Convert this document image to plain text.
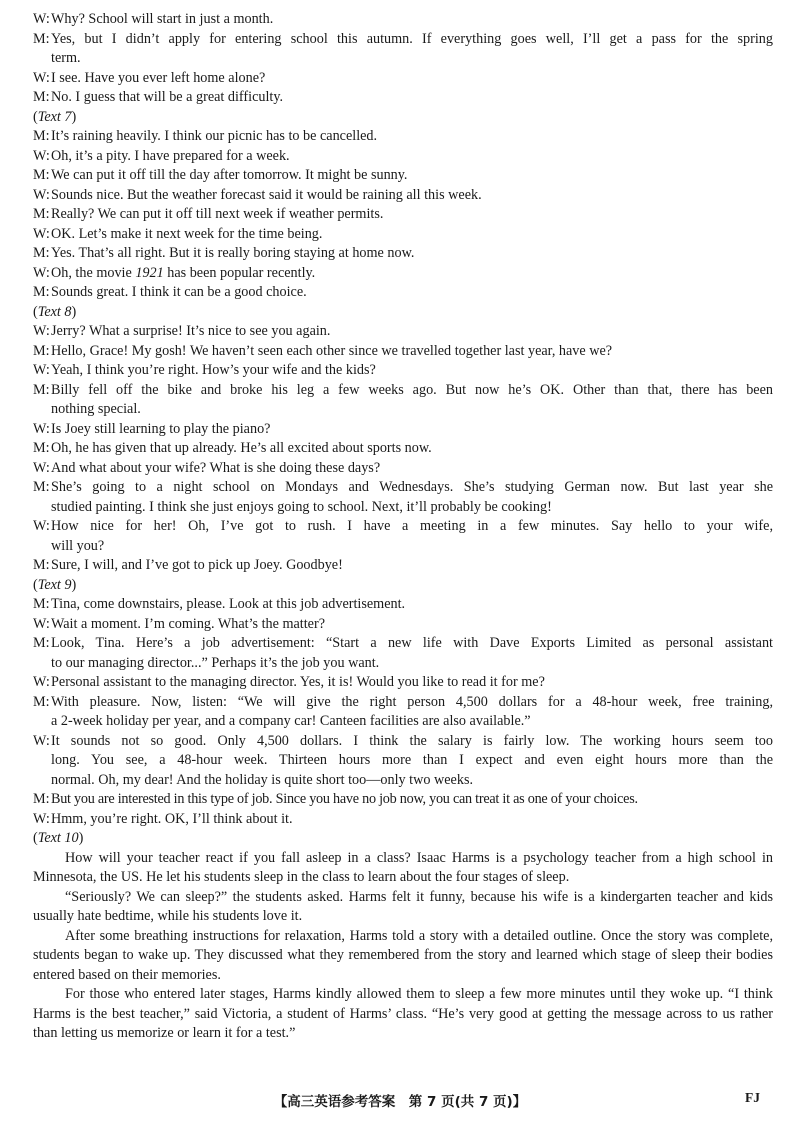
W: Why? School will start in just a month.
M: Yes, but I didn’t apply for entering school this autumn. If everything goes well, I’ll get a pass for the spring
term.
W: I see. Have you ever left home alone?
M: No. I guess that will be a great difficulty.
(Text 7)
M: It’s raining heavily. I think our picnic has to be cancelled.
W: Oh, it’s a pity. I have prepared for a week.
M: We can put it off till the day after tomorrow. It might be sunny.
W: Sounds nice. But the weather forecast said it would be raining all this week.
M: Really? We can put it off till next week if weather permits.
W: OK. Let’s make it next week for the time being.
M: Yes. That’s all right. But it is really boring staying at home now.
W: Oh, the movie 1921 has been popular recently.
M: Sounds great. I think it can be a good choice.
(Text 8)
W: Jerry? What a surprise! It’s nice to see you again.
M: Hello, Grace! My gosh! We haven’t seen each other since we travelled together last year, have we?
W: Yeah, I think you’re right. How’s your wife and the kids?
M: Billy fell off the bike and broke his leg a few weeks ago. But now he’s OK. Other than that, there has been
nothing special.
W: Is Joey still learning to play the piano?
M: Oh, he has given that up already. He’s all excited about sports now.
W: And what about your wife? What is she doing these days?
M: She’s going to a night school on Mondays and Wednesdays. She’s studying German now. But last year she
studied painting. I think she just enjoys going to school. Next, it’ll probably be cooking!
W: How nice for her! Oh, I’ve got to rush. I have a meeting in a few minutes. Say hello to your wife,
will you?
M: Sure, I will, and I’ve got to pick up Joey. Goodbye!
(Text 9)
M: Tina, come downstairs, please. Look at this job advertisement.
W: Wait a moment. I’m coming. What’s the matter?
M: Look, Tina. Here’s a job advertisement: “Start a new life with Dave Exports Limited as personal assistant
to our managing director...” Perhaps it’s the job you want.
W: Personal assistant to the managing director. Yes, it is! Would you like to read it for me?
M: With pleasure. Now, listen: “We will give the right person 4,500 dollars for a 48-hour week, free training,
a 2-week holiday per year, and a company car! Canteen facilities are also available.”
W: It sounds not so good. Only 4,500 dollars. I think the salary is fairly low. The working hours seem too
long. You see, a 48-hour week. Thirteen hours more than I expect and even eight hours more than the
normal. Oh, my dear! And the holiday is quite short too—only two weeks.
M: But you are interested in this type of job. Since you have no job now, you can treat it as one of your choices.
W: Hmm, you’re right. OK, I’ll think about it.
(Text 10)
How will your teacher react if you fall asleep in a class? Isaac Harms is a psychology teacher from a high school in Minnesota, the US. He let his students sleep in the class to learn about the four stages of sleep.
“Seriously? We can sleep?” the students asked. Harms felt it funny, because his wife is a kindergarten teacher and kids usually hate bedtime, while his students love it.
After some breathing instructions for relaxation, Harms told a story with a detailed outline. Once the story was complete, students began to wake up. They discussed what they remembered from the story and learned which stage of sleep their bodies entered based on their memories.
For those who entered later stages, Harms kindly allowed them to sleep a few more minutes until they woke up. “I think Harms is the best teacher,” said Victoria, a student of Harms’ class. “He’s very good at getting the message across to us rather than letting us memorize or learn it for a test.”
【高三英语参考答案　第 7 页(共 7 页)】	FJ
